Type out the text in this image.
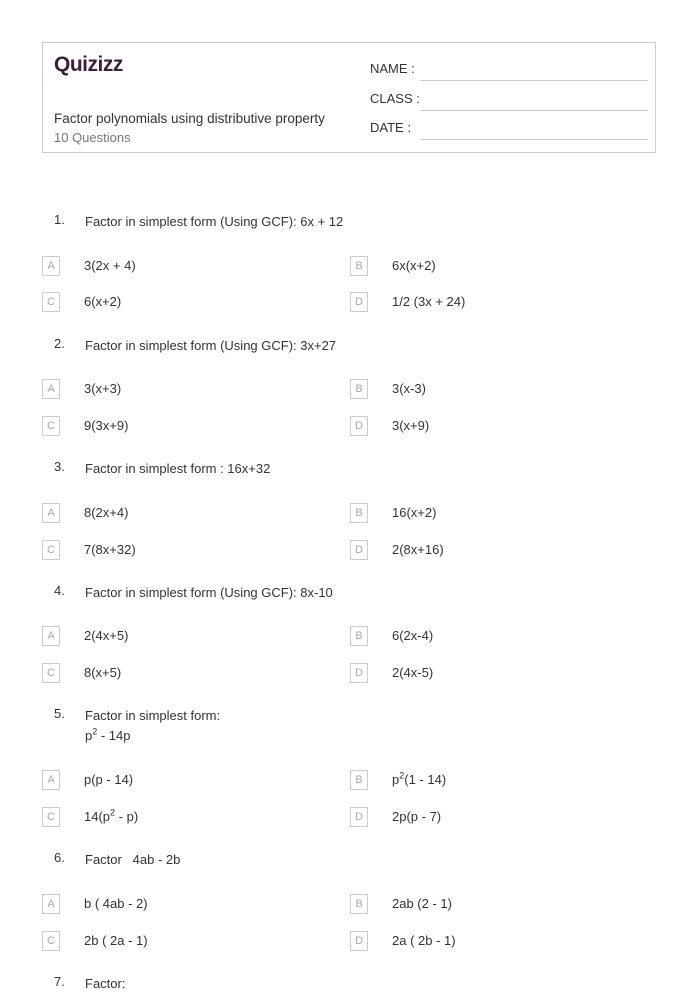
Quizizz
Factor polynomials using distributive property
10 Questions
NAME :
CLASS :
DATE :
1. Factor in simplest form (Using GCF): 6x + 12
A	3(2x + 4)	B	6x(x+2)
C	6(x+2)	D	1/2 (3x + 24)
2. Factor in simplest form (Using GCF): 3x+27
A	3(x+3)	B	3(x-3)
C	9(3x+9)	D	3(x+9)
3. Factor in simplest form : 16x+32
A	8(2x+4)	B	16(x+2)
C	7(8x+32)	D	2(8x+16)
4. Factor in simplest form (Using GCF): 8x-10
A	2(4x+5)	B	6(2x-4)
C	8(x+5)	D	2(4x-5)
5. Factor in simplest form:
$p^2 - 14p$
A	p(p - 14)	B	$p^2(1 - 14)$
C	$14(p^2 - p)$	D	2p(p - 7)
6. Factor   4ab - 2b
A	b ( 4ab - 2)	B	2ab (2 - 1)
C	2b ( 2a - 1)	D	2a ( 2b - 1)
7. Factor:
